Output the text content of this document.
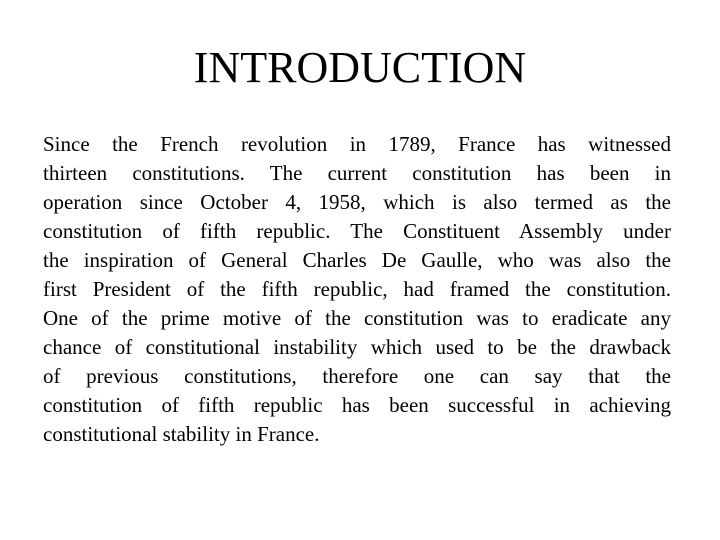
INTRODUCTION
Since the French revolution in 1789, France has witnessed
thirteen constitutions. The current constitution has been in
operation since October 4, 1958, which is also termed as the
constitution of fifth republic. The Constituent Assembly under
the inspiration of General Charles De Gaulle, who was also the
first President of the fifth republic, had framed the constitution.
One of the prime motive of the constitution was to eradicate any
chance of constitutional instability which used to be the drawback
of previous constitutions, therefore one can say that the
constitution of fifth republic has been successful in achieving
constitutional stability in France.
